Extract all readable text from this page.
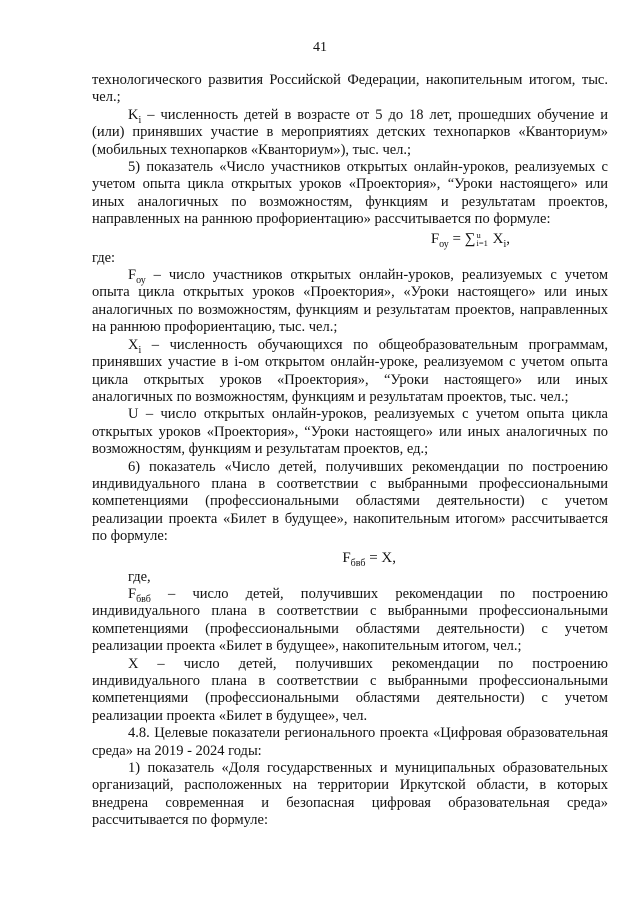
41

технологического развития Российской Федерации, накопительным итогом, тыс. чел.;

$K_i$ – численность детей в возрасте от 5 до 18 лет, прошедших обучение и (или) принявших участие в мероприятиях детских технопарков «Кванториум» (мобильных технопарков «Кванториум»), тыс. чел.;

5) показатель «Число участников открытых онлайн-уроков, реализуемых с учетом опыта цикла открытых уроков «Проектория», “Уроки настоящего» или иных аналогичных по возможностям, функциям и результатам проектов, направленных на раннюю профориентацию» рассчитывается по формуле:

$F_{оу} = \sum u$
i=1 $X_i$,

где:

$F_{оу}$ – число участников открытых онлайн-уроков, реализуемых с учетом опыта цикла открытых уроков «Проектория», «Уроки настоящего» или иных аналогичных по возможностям, функциям и результатам проектов, направленных на раннюю профориентацию, тыс. чел.;

$X_i$ – численность обучающихся по общеобразовательным программам, принявших участие в i-ом открытом онлайн-уроке, реализуемом с учетом опыта цикла открытых уроков «Проектория», “Уроки настоящего» или иных аналогичных по возможностям, функциям и результатам проектов, тыс. чел.;

U – число открытых онлайн-уроков, реализуемых с учетом опыта цикла открытых уроков «Проектория», “Уроки настоящего» или иных аналогичных по возможностям, функциям и результатам проектов, ед.;

6) показатель «Число детей, получивших рекомендации по построению индивидуального плана в соответствии с выбранными профессиональными компетенциями (профессиональными областями деятельности) с учетом реализации проекта «Билет в будущее», накопительным итогом» рассчитывается по формуле:

$F_{бвб} = X$,

где,

$F_{бвб}$ – число детей, получивших рекомендации по построению индивидуального плана в соответствии с выбранными профессиональными компетенциями (профессиональными областями деятельности) с учетом реализации проекта «Билет в будущее», накопительным итогом, чел.;

X – число детей, получивших рекомендации по построению индивидуального плана в соответствии с выбранными профессиональными компетенциями (профессиональными областями деятельности) с учетом реализации проекта «Билет в будущее», чел.

4.8. Целевые показатели регионального проекта «Цифровая образовательная среда» на 2019 - 2024 годы:

1) показатель «Доля государственных и муниципальных образовательных организаций, расположенных на территории Иркутской области, в которых внедрена современная и безопасная цифровая образовательная среда» рассчитывается по формуле:
